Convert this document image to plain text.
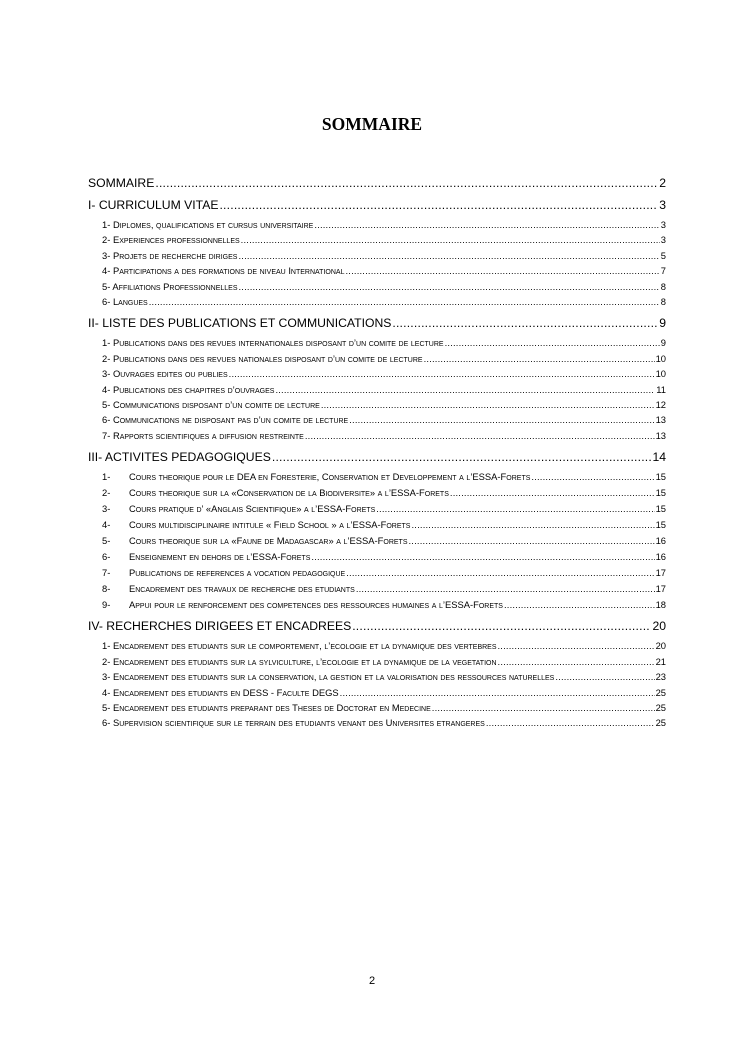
SOMMAIRE
SOMMAIRE .....	2
I- CURRICULUM VITAE .....	3
1- Diplomes, qualifications et cursus universitaire .....	3
2- Experiences professionnelles .....	3
3- Projets de recherche diriges .....	5
4- Participations a des formations de niveau International .....	7
5- Affiliations Professionnelles .....	8
6- Langues .....	8
II- LISTE DES PUBLICATIONS ET COMMUNICATIONS .....	9
1- Publications dans des revues internationales disposant d’un comite de lecture .....	9
2- Publications dans des revues nationales disposant d’un comite de lecture .....	10
3- Ouvrages edites ou publies .....	10
4- Publications des chapitres d’ouvrages .....	11
5- Communications disposant d’un comite de lecture .....	12
6- Communications ne disposant pas d’un comite de lecture .....	13
7- Rapports scientifiques a diffusion restreinte .....	13
III- ACTIVITES PEDAGOGIQUES .....	14
1-	Cours theorique pour le DEA en Foresterie, Conservation et Developpement a l’ESSA-Forets .....	15
2-	Cours theorique sur la «Conservation de la Biodiversite» a l’ESSA-Forets .....	15
3-	Cours pratique d’ «Anglais Scientifique» a l’ESSA-Forets .....	15
4-	Cours multidisciplinaire intitule « Field School » a l’ESSA-Forets .....	15
5-	Cours theorique sur la «Faune de Madagascar» a l’ESSA-Forets .....	16
6-	Enseignement en dehors de l’ESSA-Forets .....	16
7-	Publications de references a vocation pedagogique .....	17
8-	Encadrement des travaux de recherche des etudiants .....	17
9-	Appui pour le renforcement des competences des ressources humaines a l’ESSA-Forets .....	18
IV- RECHERCHES DIRIGEES ET ENCADREES .....	20
1- Encadrement des etudiants sur le comportement, l’ecologie et la dynamique des vertebres .....	20
2- Encadrement des etudiants sur la sylviculture, l’ecologie et la dynamique de la vegetation .....	21
3- Encadrement des etudiants sur la conservation, la gestion et la valorisation des ressources naturelles .....	23
4- Encadrement des etudiants en DESS - Faculte DEGS .....	25
5- Encadrement des etudiants preparant des Theses de Doctorat en Medecine .....	25
6- Supervision scientifique sur le terrain des etudiants venant des Universites etrangeres .....	25
2
